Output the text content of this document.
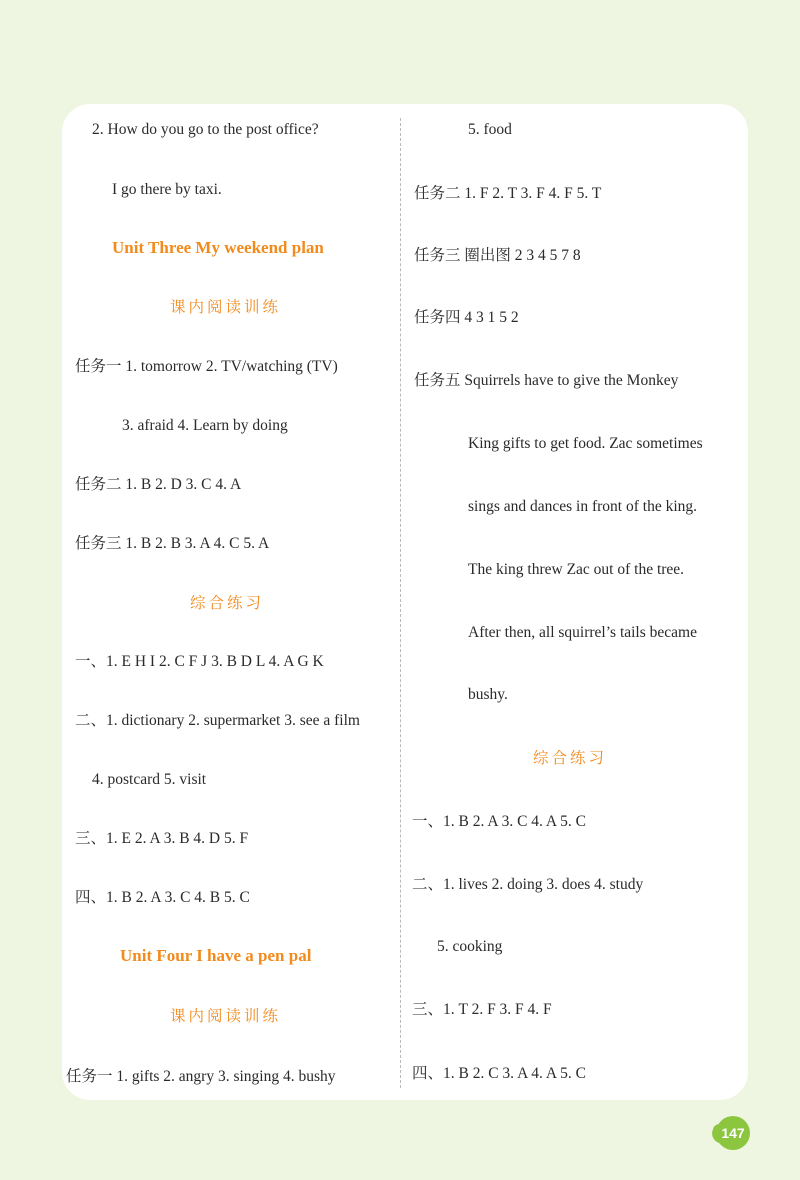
2. How do you go to the post office?
I go there by taxi.
Unit Three My weekend plan
课内阅读训练
任务一 1. tomorrow 2. TV/watching (TV)
3. afraid 4. Learn by doing
任务二 1. B 2. D 3. C 4. A
任务三 1. B 2. B 3. A 4. C 5. A
综合练习
一、1. E H I 2. C F J 3. B D L 4. A G K
二、1. dictionary 2. supermarket 3. see a film
4. postcard 5. visit
三、1. E 2. A 3. B 4. D 5. F
四、1. B 2. A 3. C 4. B 5. C
Unit Four I have a pen pal
课内阅读训练
任务一 1. gifts 2. angry 3. singing 4. bushy
5. food
任务二 1. F 2. T 3. F 4. F 5. T
任务三 圈出图 2 3 4 5 7 8
任务四 4 3 1 5 2
任务五 Squirrels have to give the Monkey
King gifts to get food. Zac sometimes
sings and dances in front of the king.
The king threw Zac out of the tree.
After then, all squirrel’s tails became
bushy.
综合练习
一、1. B 2. A 3. C 4. A 5. C
二、1. lives 2. doing 3. does 4. study
5. cooking
三、1. T 2. F 3. F 4. F
四、1. B 2. C 3. A 4. A 5. C
147
